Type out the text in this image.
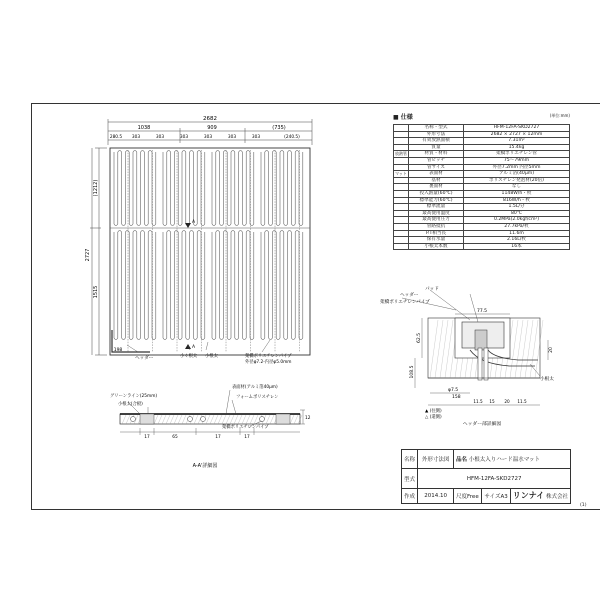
2682
1038	909	(735)
280.5 303	303	303	303	303	303	(240.5)
2727
(1212)
1515
198
ヘッダー	小々根太 小根太	架橋ポリエチレンパイプ
外径φ7.2-内径φ5.0mm
A
A
表面材(アルミ箔40μm)
グリーンライン(25mm)
小根太(合板)
フォームポリスチレン
架橋ポリエチレンパイプ
17	65	17	17
12
A-A'詳細図
ヘッダー
パッド
架橋ポリエチレンパイプ
小根太
77.5
62.5
108.5
φ7.5
158
20
11.5 15 20 11.5
▲ (往側)
△ (還側)
ヘッダー部詳細図
■ 仕様	(単位:mm)
	名称・型式	HFM-12FA-SKD2727
	外形寸法	2682 × 2727 × 12mm
	有効放熱面積	7.31m²
	質量	15.4kg
放熱管	材質・材料	架橋ポリエチレン管
	管ピッチ	75〜79mm
	管サイズ	外径7.2mm 内径5mm
マット	表面材	アルミ箔(40μm)
	基材	ポリスチレン発泡材(20倍)
	裏面材	なし
	投入熱量(60℃)	1148W/h・枚
	標準能力(60℃)	816W/h・枚
	標準流量	1.5L/分
	最高使用温度	80℃
	最高使用圧力	0.2MPa(2.0kgf/cm²)
	管路抵抗	27.7kPa/枚
	P.T相当長	11.6m
	保有水量	2.16L/枚
	小根太本数	16本
名称	外形寸法図	品名 小根太入りハード温水マット		
型式	HFM-12FA-SKD2727			
作成	2014.10	尺度Free	サイズA3	リンナイ 株式会社
(1)
